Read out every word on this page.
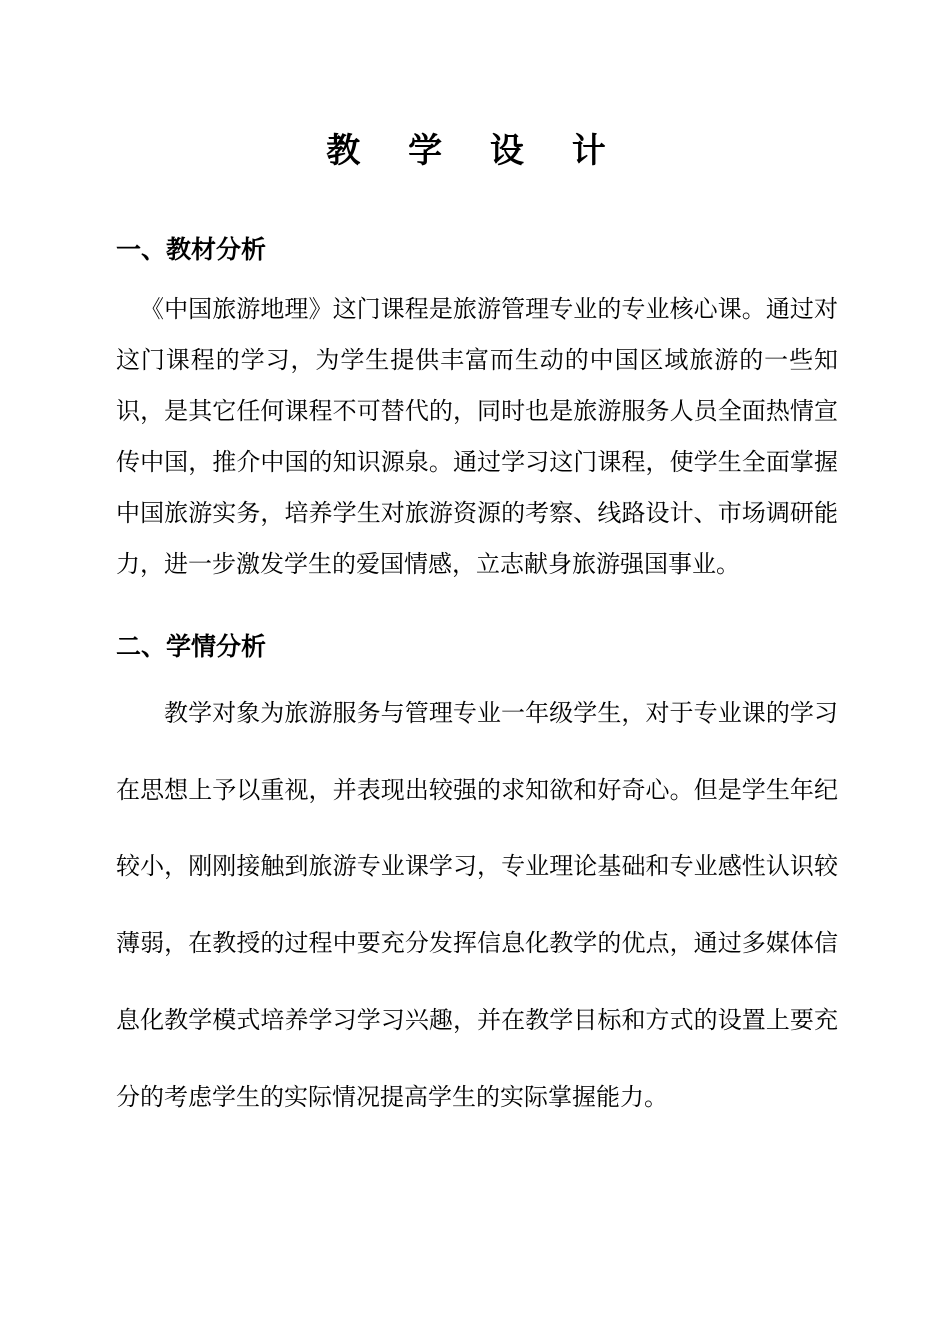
教 学 设 计
一、教材分析

《中国旅游地理》这门课程是旅游管理专业的专业核心课。通过对这门课程的学习，为学生提供丰富而生动的中国区域旅游的一些知识，是其它任何课程不可替代的，同时也是旅游服务人员全面热情宣传中国，推介中国的知识源泉。通过学习这门课程，使学生全面掌握中国旅游实务，培养学生对旅游资源的考察、线路设计、市场调研能力，进一步激发学生的爱国情感，立志献身旅游强国事业。

二、学情分析

教学对象为旅游服务与管理专业一年级学生，对于专业课的学习在思想上予以重视，并表现出较强的求知欲和好奇心。但是学生年纪较小，刚刚接触到旅游专业课学习，专业理论基础和专业感性认识较薄弱，在教授的过程中要充分发挥信息化教学的优点，通过多媒体信息化教学模式培养学习学习兴趣，并在教学目标和方式的设置上要充分的考虑学生的实际情况提高学生的实际掌握能力。
